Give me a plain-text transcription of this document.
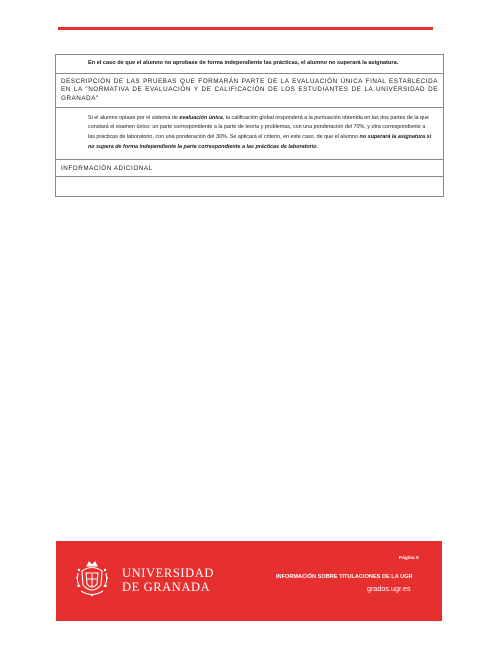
En el caso de que el alumno no aprobase de forma independiente las prácticas, el alumno no superará la asignatura.
DESCRIPCIÓN DE LAS PRUEBAS QUE FORMARÁN PARTE DE LA EVALUACIÓN ÚNICA FINAL ESTABLECIDA EN LA "NORMATIVA DE EVALUACIÓN Y DE CALIFICACIÓN DE LOS ESTUDIANTES DE LA UNIVERSIDAD DE GRANADA"

Si el alumno optase por el sistema de evaluación única, la calificación global responderá a la puntuación obtenida en las dos partes de la que constará el examen único: un parte correspondiente a la parte de teoría y problemas, con una ponderación del 70%, y otra correspondiente a las prácticas de laboratorio, con una ponderación del 30%. Se aplicará el criterio, en este caso, de que el alumno no superará la asignatura si no supera de forma independiente la parte correspondiente a las prácticas de laboratorio.

INFORMACIÓN ADICIONAL
UNIVERSIDAD
DE GRANADA
Página 5
INFORMACIÓN SOBRE TITULACIONES DE LA UGR
grados.ugr.es
